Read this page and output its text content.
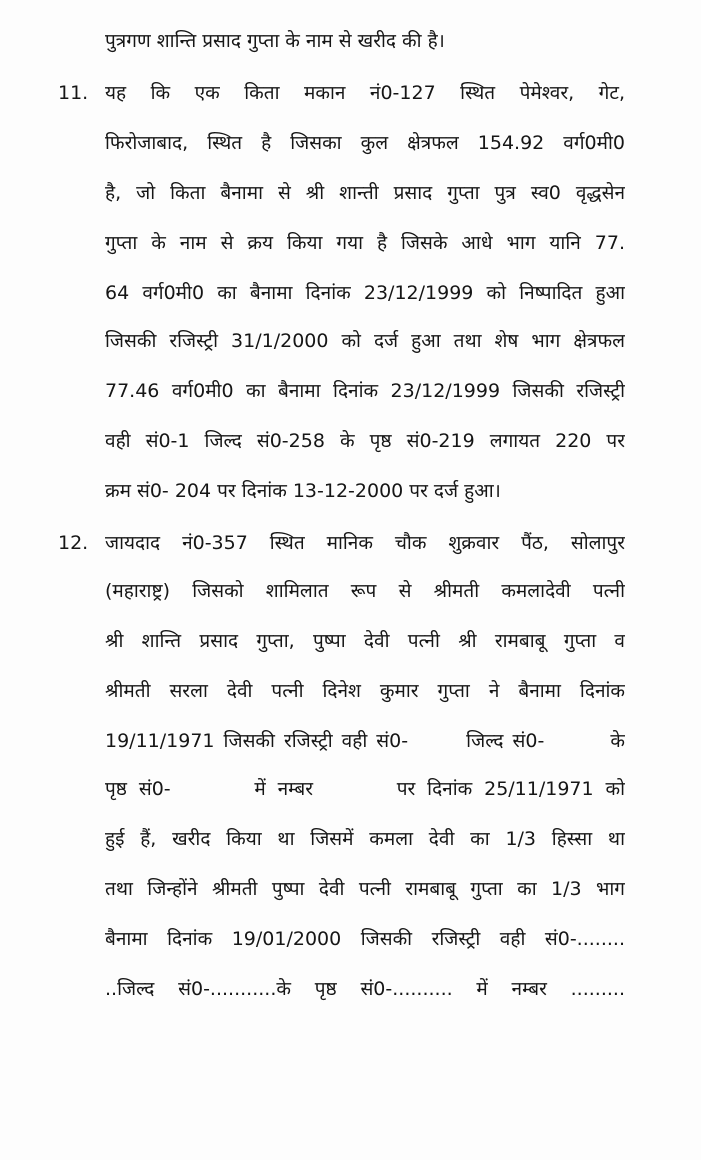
पुत्रगण शान्ति प्रसाद गुप्ता के नाम से खरीद की है।
11. यह कि एक किता मकान नं0-127 स्थित पेमेश्वर, गेट,
फिरोजाबाद, स्थित है जिसका कुल क्षेत्रफल 154.92 वर्ग0मी0
है, जो किता बैनामा से श्री शान्ती प्रसाद गुप्ता पुत्र स्व0 वृद्धसेन
गुप्ता के नाम से क्रय किया गया है जिसके आधे भाग यानि 77.
64 वर्ग0मी0 का बैनामा दिनांक 23/12/1999 को निष्पादित हुआ
जिसकी रजिस्ट्री 31/1/2000 को दर्ज हुआ तथा शेष भाग क्षेत्रफल
77.46 वर्ग0मी0 का बैनामा दिनांक 23/12/1999 जिसकी रजिस्ट्री
वही सं0-1 जिल्द सं0-258 के पृष्ठ सं0-219 लगायत 220 पर
क्रम सं0- 204 पर दिनांक 13-12-2000 पर दर्ज हुआ।
12. जायदाद नं0-357 स्थित मानिक चौक शुक्रवार पैंठ, सोलापुर
(महाराष्ट्र) जिसको शामिलात रूप से श्रीमती कमलादेवी पत्नी
श्री शान्ति प्रसाद गुप्ता, पुष्पा देवी पत्नी श्री रामबाबू गुप्ता व
श्रीमती सरला देवी पत्नी दिनेश कुमार गुप्ता ने बैनामा दिनांक
19/11/1971 जिसकी रजिस्ट्री वही सं0-	जिल्द सं0-	के
पृष्ठ सं0-	में नम्बर	पर दिनांक 25/11/1971 को
हुई हैं, खरीद किया था जिसमें कमला देवी का 1/3 हिस्सा था
तथा जिन्होंने श्रीमती पुष्पा देवी पत्नी रामबाबू गुप्ता का 1/3 भाग
बैनामा दिनांक 19/01/2000 जिसकी रजिस्ट्री वही सं0-........
..जिल्द सं0-...........के पृष्ठ सं0-.......... में नम्बर .........
